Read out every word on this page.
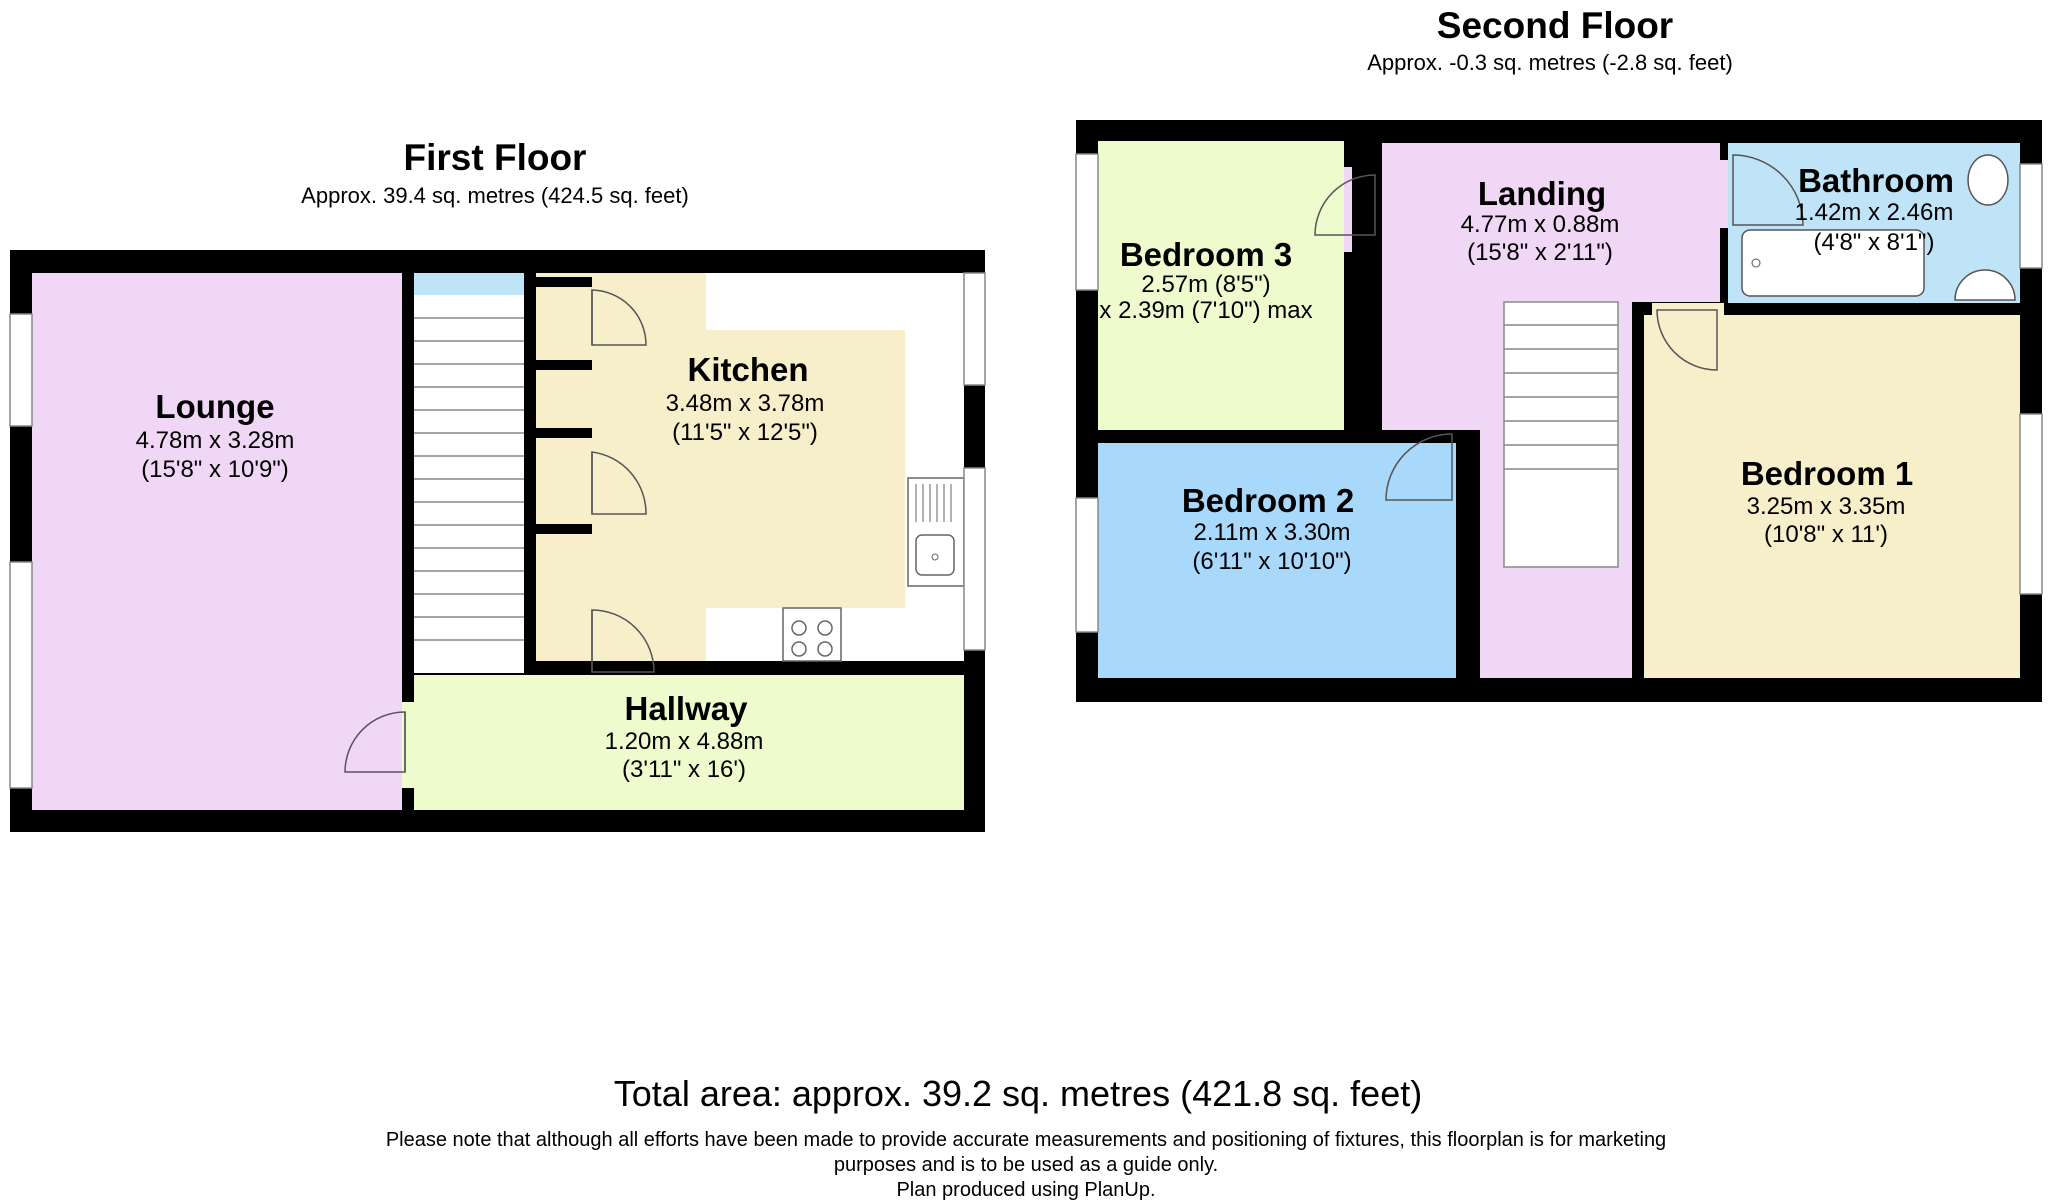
First Floor
Approx. 39.4 sq. metres (424.5 sq. feet)
Lounge
4.78m x 3.28m
(15'8" x 10'9")
Kitchen
3.48m x 3.78m
(11'5" x 12'5")
Hallway
1.20m x 4.88m
(3'11" x 16')
Second Floor
Approx. -0.3 sq. metres (-2.8 sq. feet)
Bedroom 3
2.57m (8'5")
x 2.39m (7'10") max
Landing
4.77m x 0.88m
(15'8" x 2'11")
Bathroom
1.42m x 2.46m
(4'8" x 8'1")
Bedroom 2
2.11m x 3.30m
(6'11" x 10'10")
Bedroom 1
3.25m x 3.35m
(10'8" x 11')
Total area: approx. 39.2 sq. metres (421.8 sq. feet)
Please note that although all efforts have been made to provide accurate measurements and positioning of fixtures, this floorplan is for marketing
purposes and is to be used as a guide only.
Plan produced using PlanUp.
